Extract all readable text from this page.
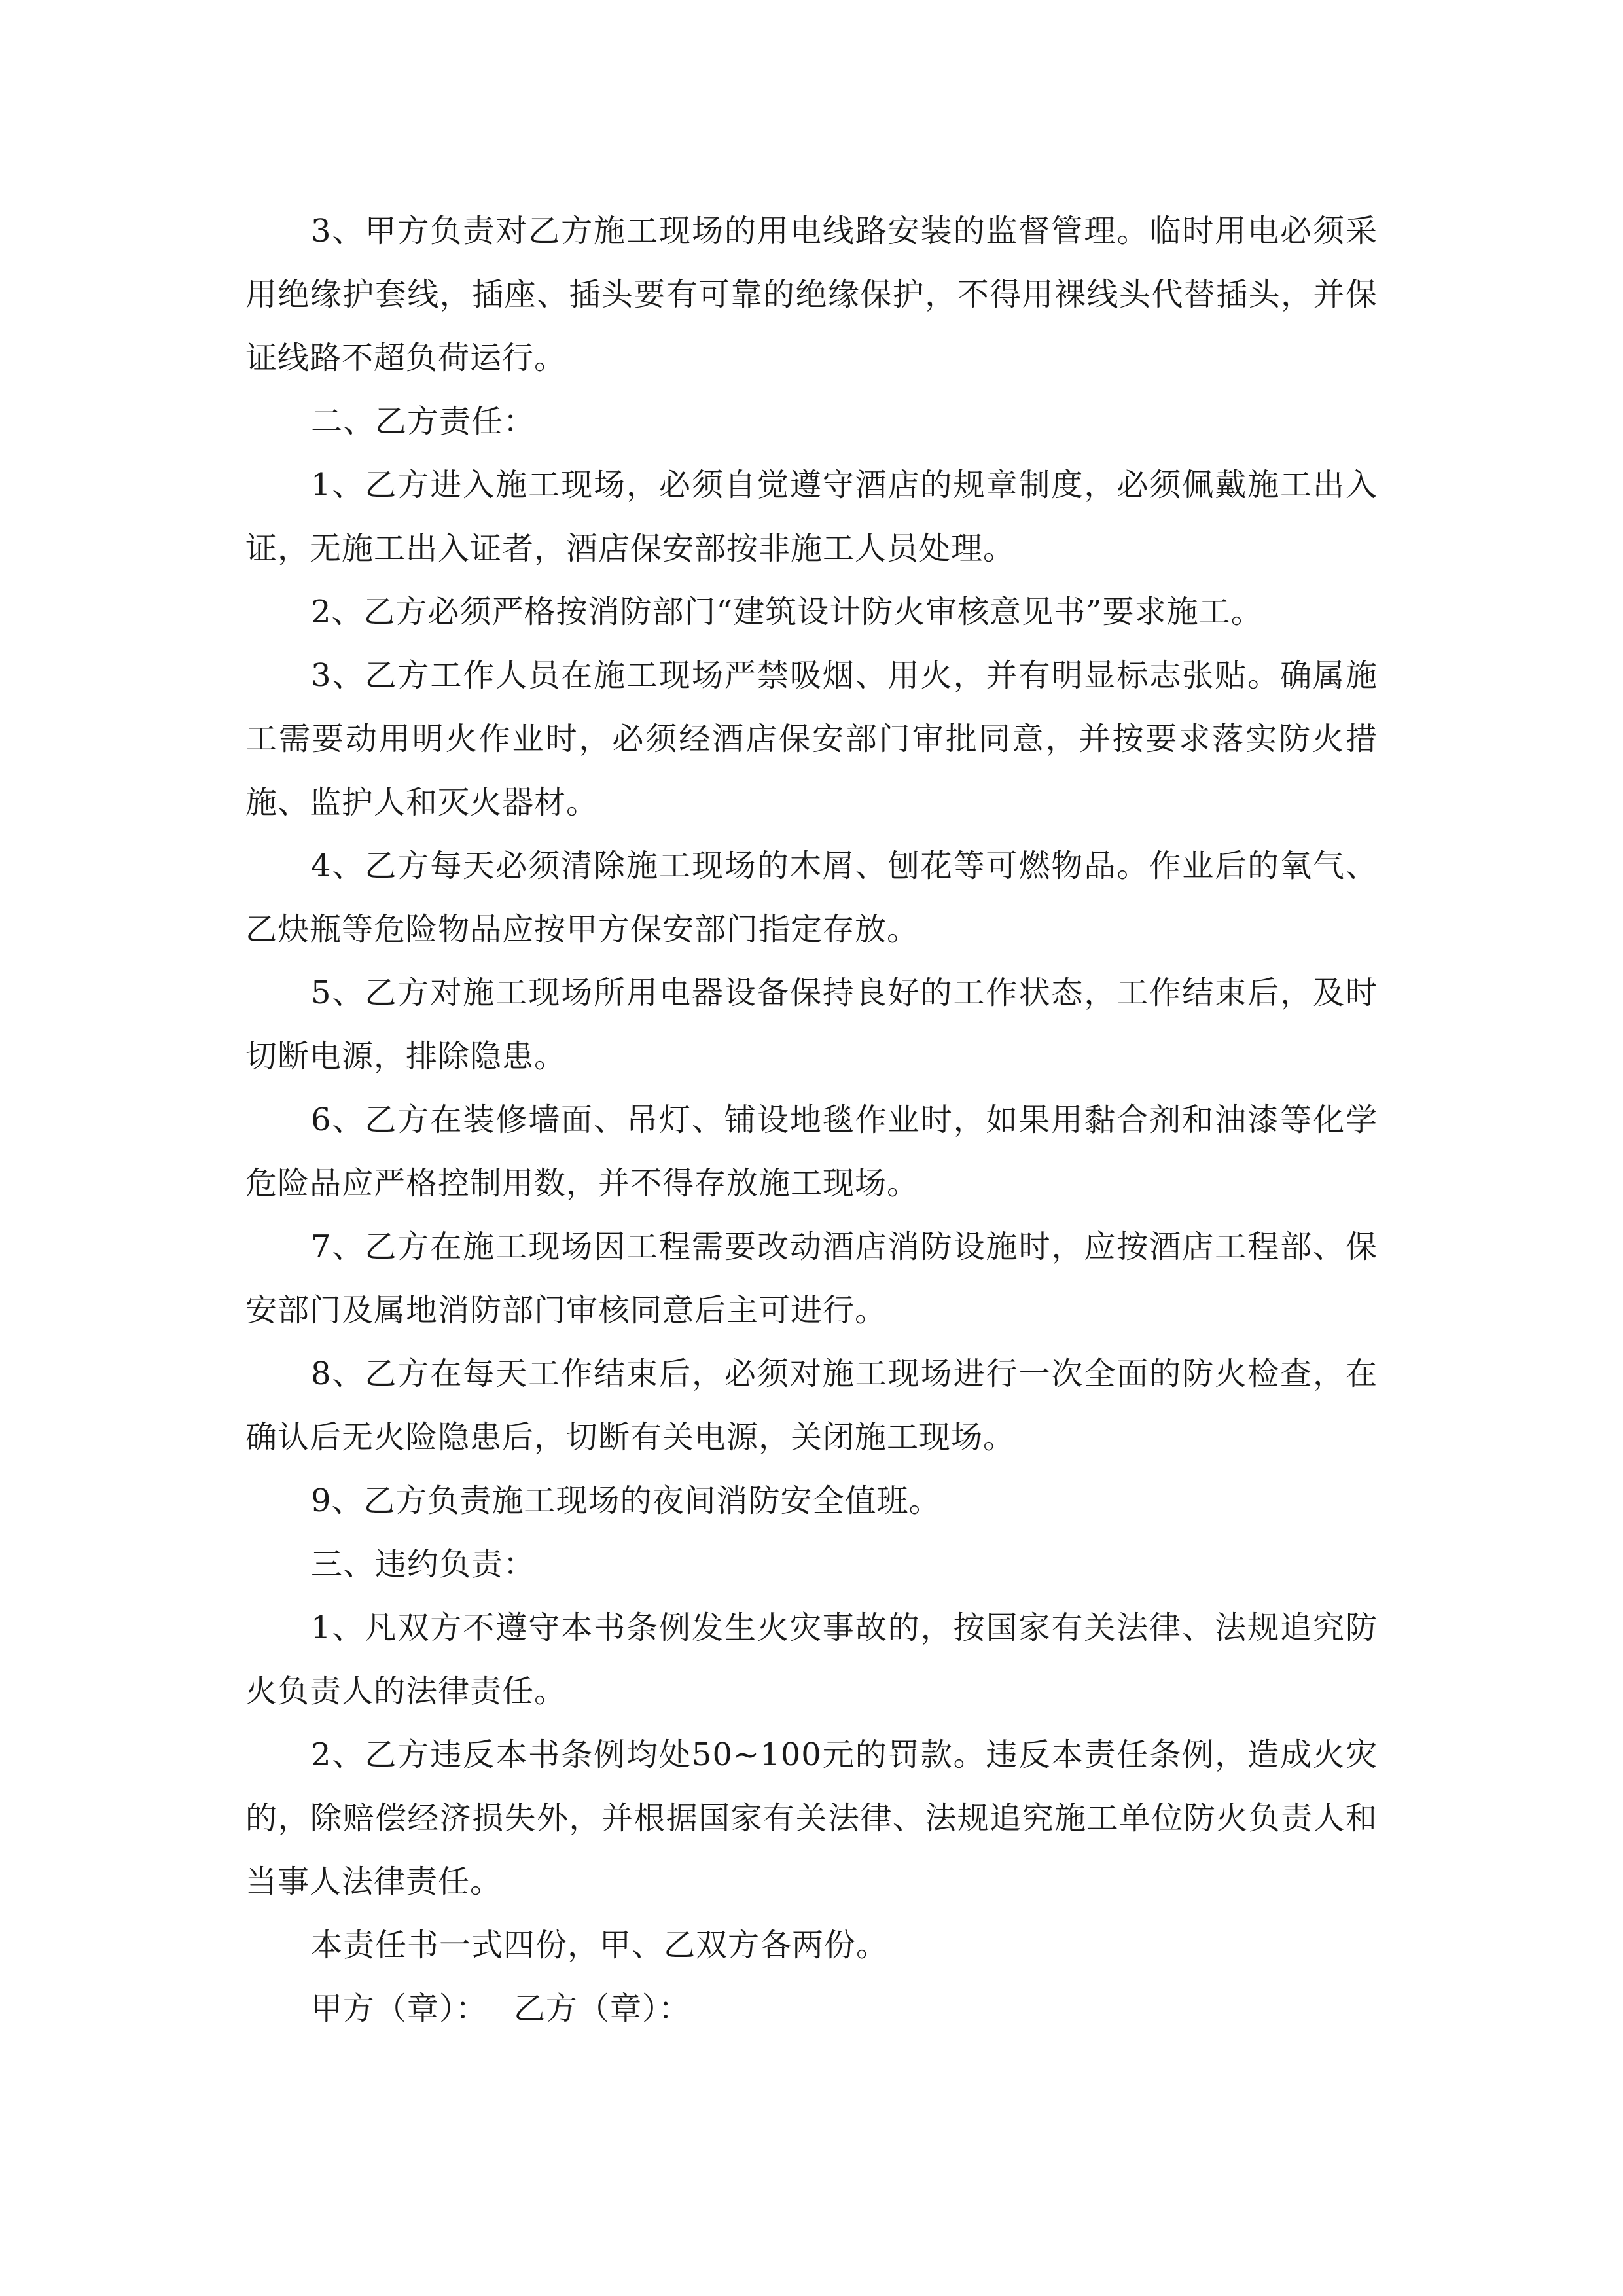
3、甲方负责对乙方施工现场的用电线路安装的监督管理。临时用电必须采用绝缘护套线，插座、插头要有可靠的绝缘保护，不得用裸线头代替插头，并保证线路不超负荷运行。

二、乙方责任：

1、乙方进入施工现场，必须自觉遵守酒店的规章制度，必须佩戴施工出入证，无施工出入证者，酒店保安部按非施工人员处理。

2、乙方必须严格按消防部门“建筑设计防火审核意见书”要求施工。

3、乙方工作人员在施工现场严禁吸烟、用火，并有明显标志张贴。确属施工需要动用明火作业时，必须经酒店保安部门审批同意，并按要求落实防火措施、监护人和灭火器材。

4、乙方每天必须清除施工现场的木屑、刨花等可燃物品。作业后的氧气、乙炔瓶等危险物品应按甲方保安部门指定存放。

5、乙方对施工现场所用电器设备保持良好的工作状态，工作结束后，及时切断电源，排除隐患。

6、乙方在装修墙面、吊灯、铺设地毯作业时，如果用黏合剂和油漆等化学危险品应严格控制用数，并不得存放施工现场。

7、乙方在施工现场因工程需要改动酒店消防设施时，应按酒店工程部、保安部门及属地消防部门审核同意后主可进行。

8、乙方在每天工作结束后，必须对施工现场进行一次全面的防火检查，在确认后无火险隐患后，切断有关电源，关闭施工现场。

9、乙方负责施工现场的夜间消防安全值班。

三、违约负责：

1、凡双方不遵守本书条例发生火灾事故的，按国家有关法律、法规追究防火负责人的法律责任。

2、乙方违反本书条例均处50~100元的罚款。违反本责任条例，造成火灾的，除赔偿经济损失外，并根据国家有关法律、法规追究施工单位防火负责人和当事人法律责任。

本责任书一式四份，甲、乙双方各两份。

甲方（章）： 乙方（章）：
